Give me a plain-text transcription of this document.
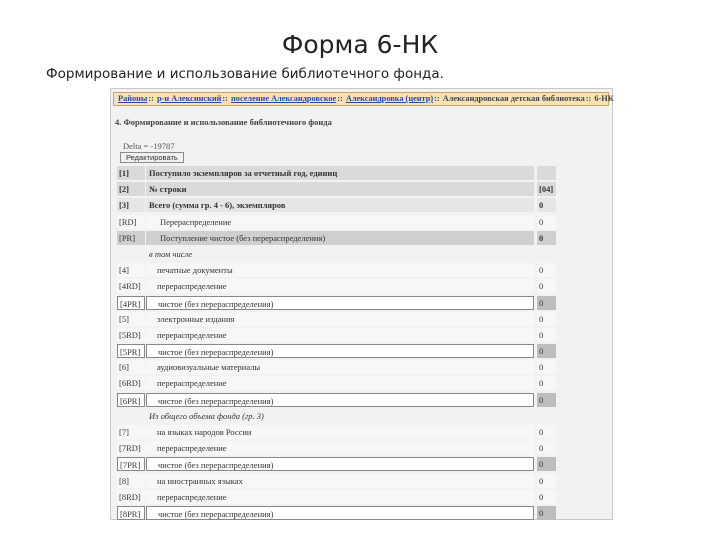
Форма 6-НК
Формирование и использование библиотечного фонда.
Районы:: р-н Алексинский:: поселение Александровское:: Александровка (центр):: Александровская детская библиотека:: 6-НК
4. Формирование и использование библиотечного фонда
Delta = -19787
Редактировать
[1]	Поступило экземпляров за отчетный год, единиц
[2]	№ строки	[04]
[3]	Всего (сумма гр. 4 - 6), экземпляров	0
[RD]	Перераспределение	0
[PR]	Поступление чистое (без перераспределения)	0
в том числе
[4]	печатные документы	0
[4RD]	перераспределение	0
[4PR]	чистое (без перераспределения)	0
[5]	электронные издания	0
[5RD]	перераспределение	0
[5PR]	чистое (без перераспределения)	0
[6]	аудиовизуальные материалы	0
[6RD]	перераспределение	0
[6PR]	чистое (без перераспределения)	0
Из общего объема фонда (гр. 3)
[7]	на языках народов России	0
[7RD]	перераспределение	0
[7PR]	чистое (без перераспределения)	0
[8]	на иностранных языках	0
[8RD]	перераспределение	0
[8PR]	чистое (без перераспределения)	0
